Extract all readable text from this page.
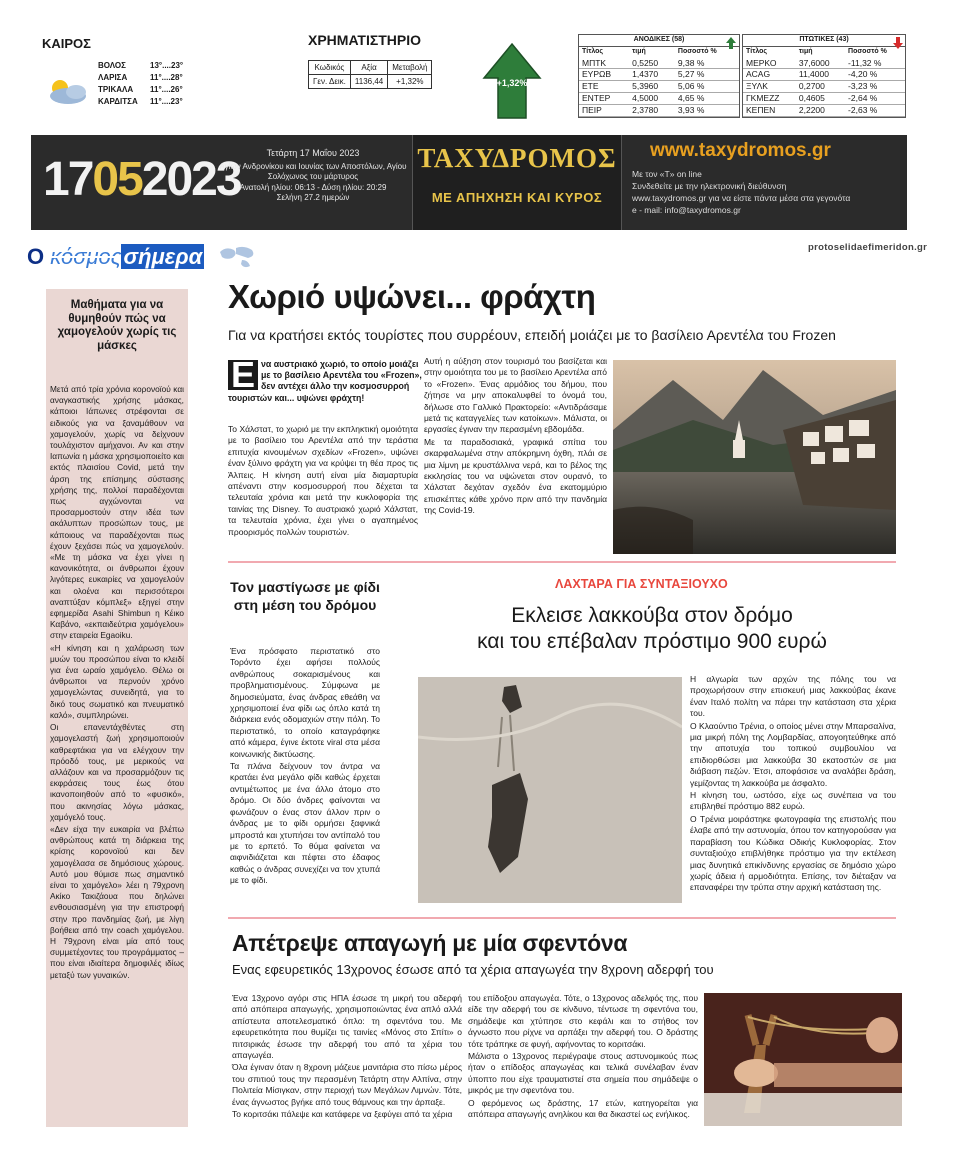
ΚΑΙΡΟΣ
ΒΟΛΟΣ	13°....23°
ΛΑΡΙΣΑ	11°....28°
ΤΡΙΚΑΛΑ 11°....26°
ΚΑΡΔΙΤΣΑ 11°....23°
ΧΡΗΜΑΤΙΣΤΗΡΙΟ
Κωδικός	Αξία	Μεταβολή
Γεν. Δεικ.	1136,44	+1,32%	+1,32%
ΑΝΟΔΙΚΕΣ (58)		
Τίτλος	τιμή	Ποσοστό %
ΜΠΤΚ	0,5250	9,38 %
ΕΥΡΩΒ	1,4370	5,27 %
ΕΤΕ	5,3960	5,06 %
ΕΝΤΕΡ	4,5000	4,65 %
ΠΕΙΡ	2,3780	3,93 %
ΠΤΩΤΙΚΕΣ (43)		
Τίτλος	τιμή	Ποσοστό %
ΜΕΡΚΟ	37,6000	-11,32 %
ACAG	11,4000	-4,20 %
ΞΥΛΚ	0,2700	-3,23 %
ΓΚΜΕΖΖ	0,4605	-2,64 %
ΚΕΠΕΝ	2,2200	-2,63 %
17052023	Τετάρτη 17 Μαΐου 2023
Αγίων Ανδρονίκου και Ιουνίας των Αποστόλων, Αγίου Σολόχωνος του μάρτυρος
Ανατολή ηλίου: 06:13 - Δύση ηλίου: 20:29
Σελήνη 27.2 ημερών
ΤΑΧΥΔΡΟΜΟΣ
ΜΕ ΑΠΗΧΗΣΗ ΚΑΙ ΚΥΡΟΣ
www.taxydromos.gr
Με τον «Τ» on line
Συνδεθείτε με την ηλεκτρονική διεύθυνση
www.taxydromos.gr για να είστε πάντα μέσα στα γεγονότα
e - mail: info@taxydromos.gr
protoselidaefimeridon.gr
Ο κόσμοςσήμερα
Μαθήματα για να θυμηθούν πώς να χαμογελούν χωρίς τις μάσκες

Μετά από τρία χρόνια κορονοϊού και αναγκαστικής χρήσης μάσκας, κάποιοι Ιάπωνες στρέφονται σε ειδικούς για να ξαναμάθουν να χαμογελούν, χωρίς να δείχνουν τουλάχιστον αμήχανοι. Αν και στην Ιαπωνία η μάσκα χρησιμοποιείτο και εκτός πλαισίου Covid, μετά την άρση της επίσημης σύστασης χρήσης της, πολλοί παραδέχονται πως αγχώνονται να προσαρμοστούν στην ιδέα των ακάλυπτων προσώπων τους, με κάποιους να παραδέχονται πως έχουν ξεχάσει πώς να χαμογελούν. «Με τη μάσκα να έχει γίνει η κανονικότητα, οι άνθρωποι έχουν λιγότερες ευκαιρίες να χαμογελούν και ολοένα και περισσότεροι αναπτύξαν κόμπλεξ» εξηγεί στην εφημερίδα Asahi Shimbun η Κέικο Καβάνο, «εκπαιδεύτρια χαμόγελου» στην εταιρεία Egaoiku.

«Η κίνηση και η χαλάρωση των μυών του προσώπου είναι το κλειδί για ένα ωραίο χαμόγελο. Θέλω οι άνθρωποι να περνούν χρόνο χαμογελώντας συνειδητά, για το δικό τους σωματικό και πνευματικό καλό», συμπληρώνει.

Οι επανεντάχθέντες στη χαμογελαστή ζωή χρησιμοποιούν καθρεφτάκια για να ελέγχουν την πρόοδό τους, με μερικούς να αλλάζουν και να προσαρμόζουν τις εκφράσεις τους έως ότου ικανοποιηθούν από το «φυσικό», που ακινησίας λόγω μάσκας, χαμόγελό τους.

«Δεν είχα την ευκαιρία να βλέπω ανθρώπους κατά τη διάρκεια της κρίσης κορονοϊού και δεν χαμογέλασα σε δημόσιους χώρους. Αυτό μου θύμισε πως σημαντικό είναι το χαμόγελο» λέει η 79χρονη Ακίκο Τακιζάουα που δηλώνει ενθουσιασμένη για την επιστροφή στην προ πανδημίας ζωή, με λίγη βοήθεια από την coach χαμόγελου. Η 79χρονη είναι μία από τους συμμετέχοντες του προγράμματος – που είναι ιδιαίτερα δημοφιλές ιδίως μεταξύ των γυναικών.

Χωριό υψώνει... φράχτη
Για να κρατήσει εκτός τουρίστες που συρρέουν, επειδή μοιάζει με το βασίλειο Αρεντέλα του Frozen
Ε να αυστριακό χωριό, το οποίο μοιάζει με το βασίλειο Αρεντέλα του «Frozen», δεν αντέχει άλλο την κοσμοσυρροή τουριστών και... υψώνει φράχτη!

Το Χάλστατ, το χωριό με την εκπληκτική ομοιότητα με το βασίλειο του Αρεντέλα από την τεράστια επιτυχία κινουμένων σχεδίων «Frozen», υψώνει έναν ξύλινο φράχτη για να κρύψει τη θέα προς τις Άλπεις. Η κίνηση αυτή είναι μία διαμαρτυρία απέναντι στην κοσμοσυρροή που δέχεται τα τελευταία χρόνια και μετά την κυκλοφορία της ταινίας της Disney. Το αυστριακό χωριό Χάλστατ, τα τελευταία χρόνια, έχει γίνει ο αγαπημένος προορισμός πολλών τουριστών.

Αυτή η αύξηση στον τουρισμό του βασίζεται και στην ομοιότητα του με το βασίλειο Αρεντέλα από το «Frozen». Ένας αρμόδιος του δήμου, που ζήτησε να μην αποκαλυφθεί το όνομά του, δήλωσε στο Γαλλικό Πρακτορείο: «Αντιδράσαμε μετά τις καταγγελίες των κατοίκων». Μάλιστα, οι εργασίες έγιναν την περασμένη εβδομάδα.

Με τα παραδοσιακά, γραφικά σπίτια του σκαρφαλωμένα στην απόκρημνη όχθη, πλάι σε μια λίμνη με κρυστάλλινα νερά, και το βέλος της εκκλησίας του να υψώνεται στον ουρανό, το Χάλστατ δεχόταν σχεδόν ένα εκατομμύριο επισκέπτες κάθε χρόνο πριν από την πανδημία της Covid-19.

Τον μαστίγωσε με φίδι στη μέση του δρόμου

Ένα πρόσφατο περιστατικό στο Τορόντο έχει αφήσει πολλούς ανθρώπους σοκαρισμένους και προβληματισμένους. Σύμφωνα με δημοσιεύματα, ένας άνδρας εθεάθη να χρησιμοποιεί ένα φίδι ως όπλο κατά τη διάρκεια ενός οδομαχιών στην πόλη. Το περιστατικό, το οποίο καταγράφηκε από κάμερα, έγινε έκτοτε viral στα μέσα κοινωνικής δικτύωσης.

Τα πλάνα δείχνουν τον άντρα να κρατάει ένα μεγάλο φίδι καθώς έρχεται αντιμέτωπος με ένα άλλο άτομο στο δρόμο. Οι δύο άνδρες φαίνονται να φωνάζουν ο ένας στον άλλον πριν ο άνδρας με το φίδι ορμήσει ξαφνικά μπροστά και χτυπήσει τον αντίπαλό του με το ερπετό. Το θύμα φαίνεται να αιφνιδιάζεται και πέφτει στο έδαφος καθώς ο άνδρας συνεχίζει να τον χτυπά με το φίδι.

ΛΑΧΤΑΡΑ ΓΙΑ ΣΥΝΤΑΞΙΟΥΧΟ
Εκλεισε λακκούβα στον δρόμο
και του επέβαλαν πρόστιμο 900 ευρώ

Η αλγωρία των αρχών της πόλης του να προχωρήσουν στην επισκευή μιας λακκούβας έκανε έναν Ιταλό πολίτη να πάρει την κατάσταση στα χέρια του.

Ο Κλαούντιο Τρένια, ο οποίος μένει στην Μπαρσαλίνα, μια μικρή πόλη της Λομβαρδίας, απογοητεύθηκε από την αποτυχία του τοπικού συμβουλίου να επιδιορθώσει μια λακκούβα 30 εκατοστών σε μια διάβαση πεζών. Έτσι, αποφάσισε να αναλάβει δράση, γεμίζοντας τη λακκούβα με άσφαλτο.

Η κίνηση του, ωστόσο, είχε ως συνέπεια να του επιβληθεί πρόστιμο 882 ευρώ.

Ο Τρένια μοιράστηκε φωτογραφία της επιστολής που έλαβε από την αστυνομία, όπου τον κατηγορούσαν για παραβίαση του Κώδικα Οδικής Κυκλοφορίας. Στον συνταξιούχο επιβλήθηκε πρόστιμο για την εκτέλεση μιας δυνητικά επικίνδυνης εργασίας σε δημόσιο χώρο χωρίς άδεια ή αρμοδιότητα. Επίσης, τον διέταξαν να επαναφέρει την τρύπα στην αρχική κατάσταση της.

Απέτρεψε απαγωγή με μία σφεντόνα
Ενας εφευρετικός 13χρονος έσωσε από τα χέρια απαγωγέα την 8χρονη αδερφή του

Ένα 13χρονο αγόρι στις ΗΠΑ έσωσε τη μικρή του αδερφή από απόπειρα απαγωγής, χρησιμοποιώντας ένα απλό αλλά απίστευτα αποτελεσματικό όπλο: τη σφεντόνα του. Με εφευρετικότητα που θυμίζει τις ταινίες «Μόνος στο Σπίτι» ο πιτσιρικάς έσωσε την αδερφή του από τα χέρια του απαγωγέα.

Όλα έγιναν όταν η 8χρονη μάζευε μανιτάρια στο πίσω μέρος του σπιτιού τους την περασμένη Τετάρτη στην Αλπίνα, στην Πολιτεία Μίσιγκαν, στην περιοχή των Μεγάλων Λιμνών. Τότε, ένας άγνωστος βγήκε από τους θάμνους και την άρπαξε.

Το κοριτσάκι πάλεψε και κατάφερε να ξεφύγει από τα χέρια

του επίδοξου απαγωγέα. Τότε, ο 13χρονος αδελφός της, που είδε την αδερφή του σε κίνδυνο, τέντωσε τη σφεντόνα του, σημάδεψε και χτύπησε στο κεφάλι και το στήθος τον άγνωστο που ρίχνε να αρπάξει την αδερφή του. Ο δράστης τότε τράπηκε σε φυγή, αφήνοντας το κοριτσάκι.

Μάλιστα ο 13χρονος περιέγραψε στους αστυνομικούς πως ήταν ο επίδοξος απαγωγέας και τελικά συνέλαβαν έναν ύποπτο που είχε τραυματιστεί στα σημεία που σημάδεψε ο μικρός με την σφεντόνα του.

Ο φερόμενος ως δράστης, 17 ετών, κατηγορείται για απόπειρα απαγωγής ανηλίκου και θα δικαστεί ως ενήλικος.
